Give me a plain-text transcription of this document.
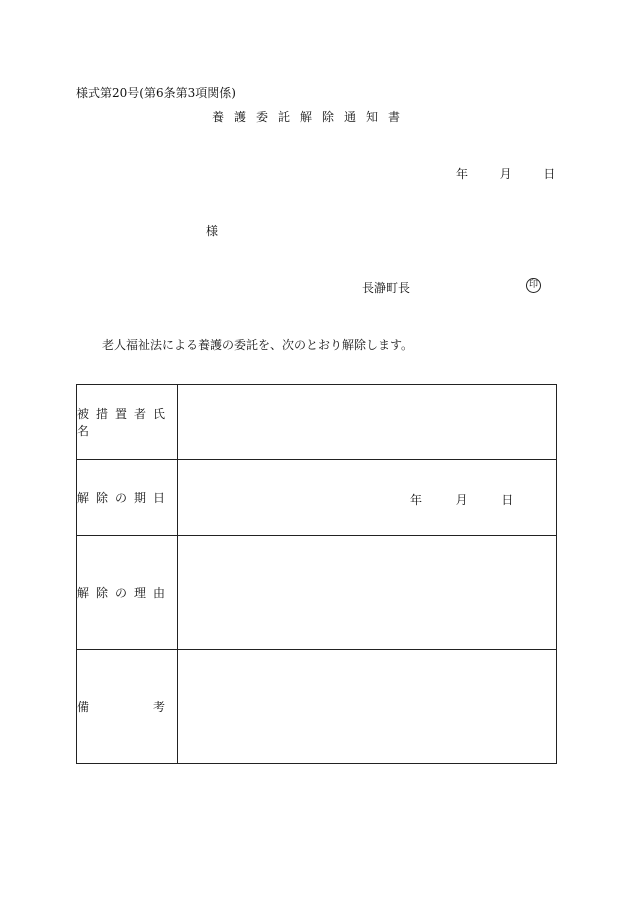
様式第20号(第6条第3項関係)
養護委託解除通知書
年	月	日
様
長瀞町長	印
老人福祉法による養護の委託を、次のとおり解除します。
被措置者氏名	
解除の期日	年 月 日

解除の理由	

備 考	
